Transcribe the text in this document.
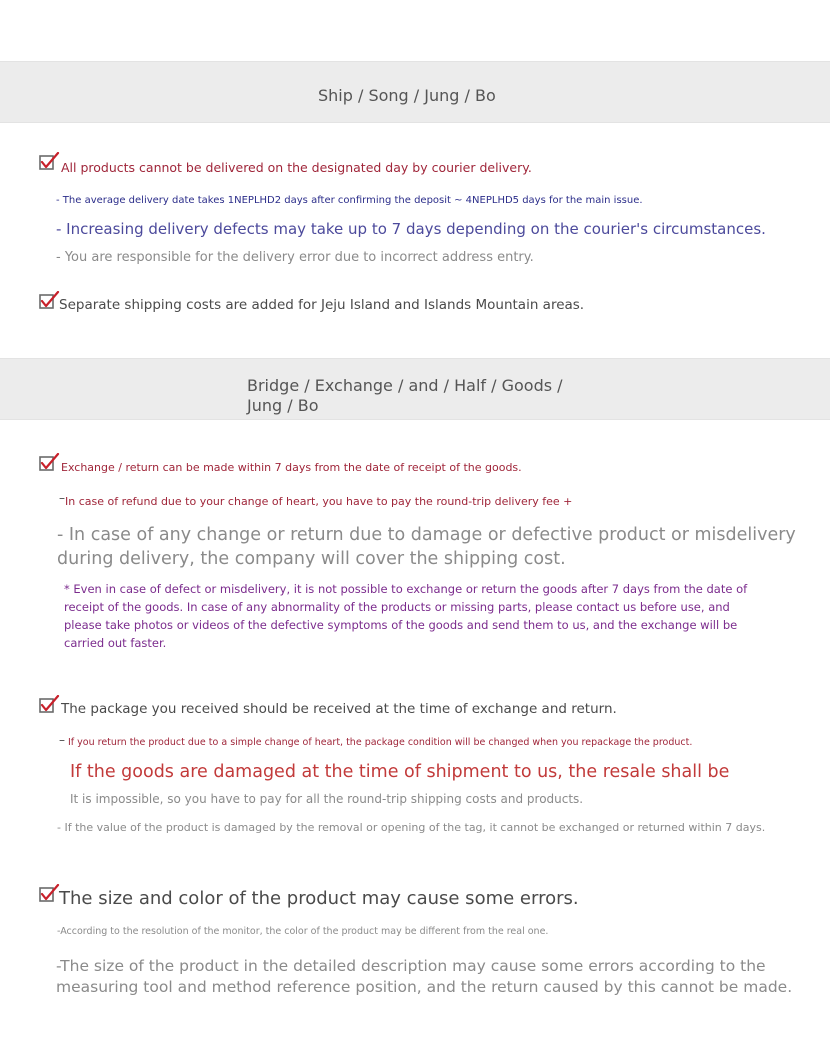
Ship / Song / Jung / Bo
All products cannot be delivered on the designated day by courier delivery.
- The average delivery date takes 1NEPLHD2 days after confirming the deposit ~ 4NEPLHD5 days for the main issue.
- Increasing delivery defects may take up to 7 days depending on the courier's circumstances.
- You are responsible for the delivery error due to incorrect address entry.
Separate shipping costs are added for Jeju Island and Islands Mountain areas.
Bridge / Exchange / and / Half / Goods / Jung / Bo
Exchange / return can be made within 7 days from the date of receipt of the goods.
– In case of refund due to your change of heart, you have to pay the round-trip delivery fee +
- In case of any change or return due to damage or defective product or misdelivery during delivery, the company will cover the shipping cost.
* Even in case of defect or misdelivery, it is not possible to exchange or return the goods after 7 days from the date of receipt of the goods. In case of any abnormality of the products or missing parts, please contact us before use, and please take photos or videos of the defective symptoms of the goods and send them to us, and the exchange will be carried out faster.
The package you received should be received at the time of exchange and return.
– If you return the product due to a simple change of heart, the package condition will be changed when you repackage the product.
If the goods are damaged at the time of shipment to us, the resale shall be
It is impossible, so you have to pay for all the round-trip shipping costs and products.
- If the value of the product is damaged by the removal or opening of the tag, it cannot be exchanged or returned within 7 days.
The size and color of the product may cause some errors.
-According to the resolution of the monitor, the color of the product may be different from the real one.
-The size of the product in the detailed description may cause some errors according to the measuring tool and method reference position, and the return caused by this cannot be made.
